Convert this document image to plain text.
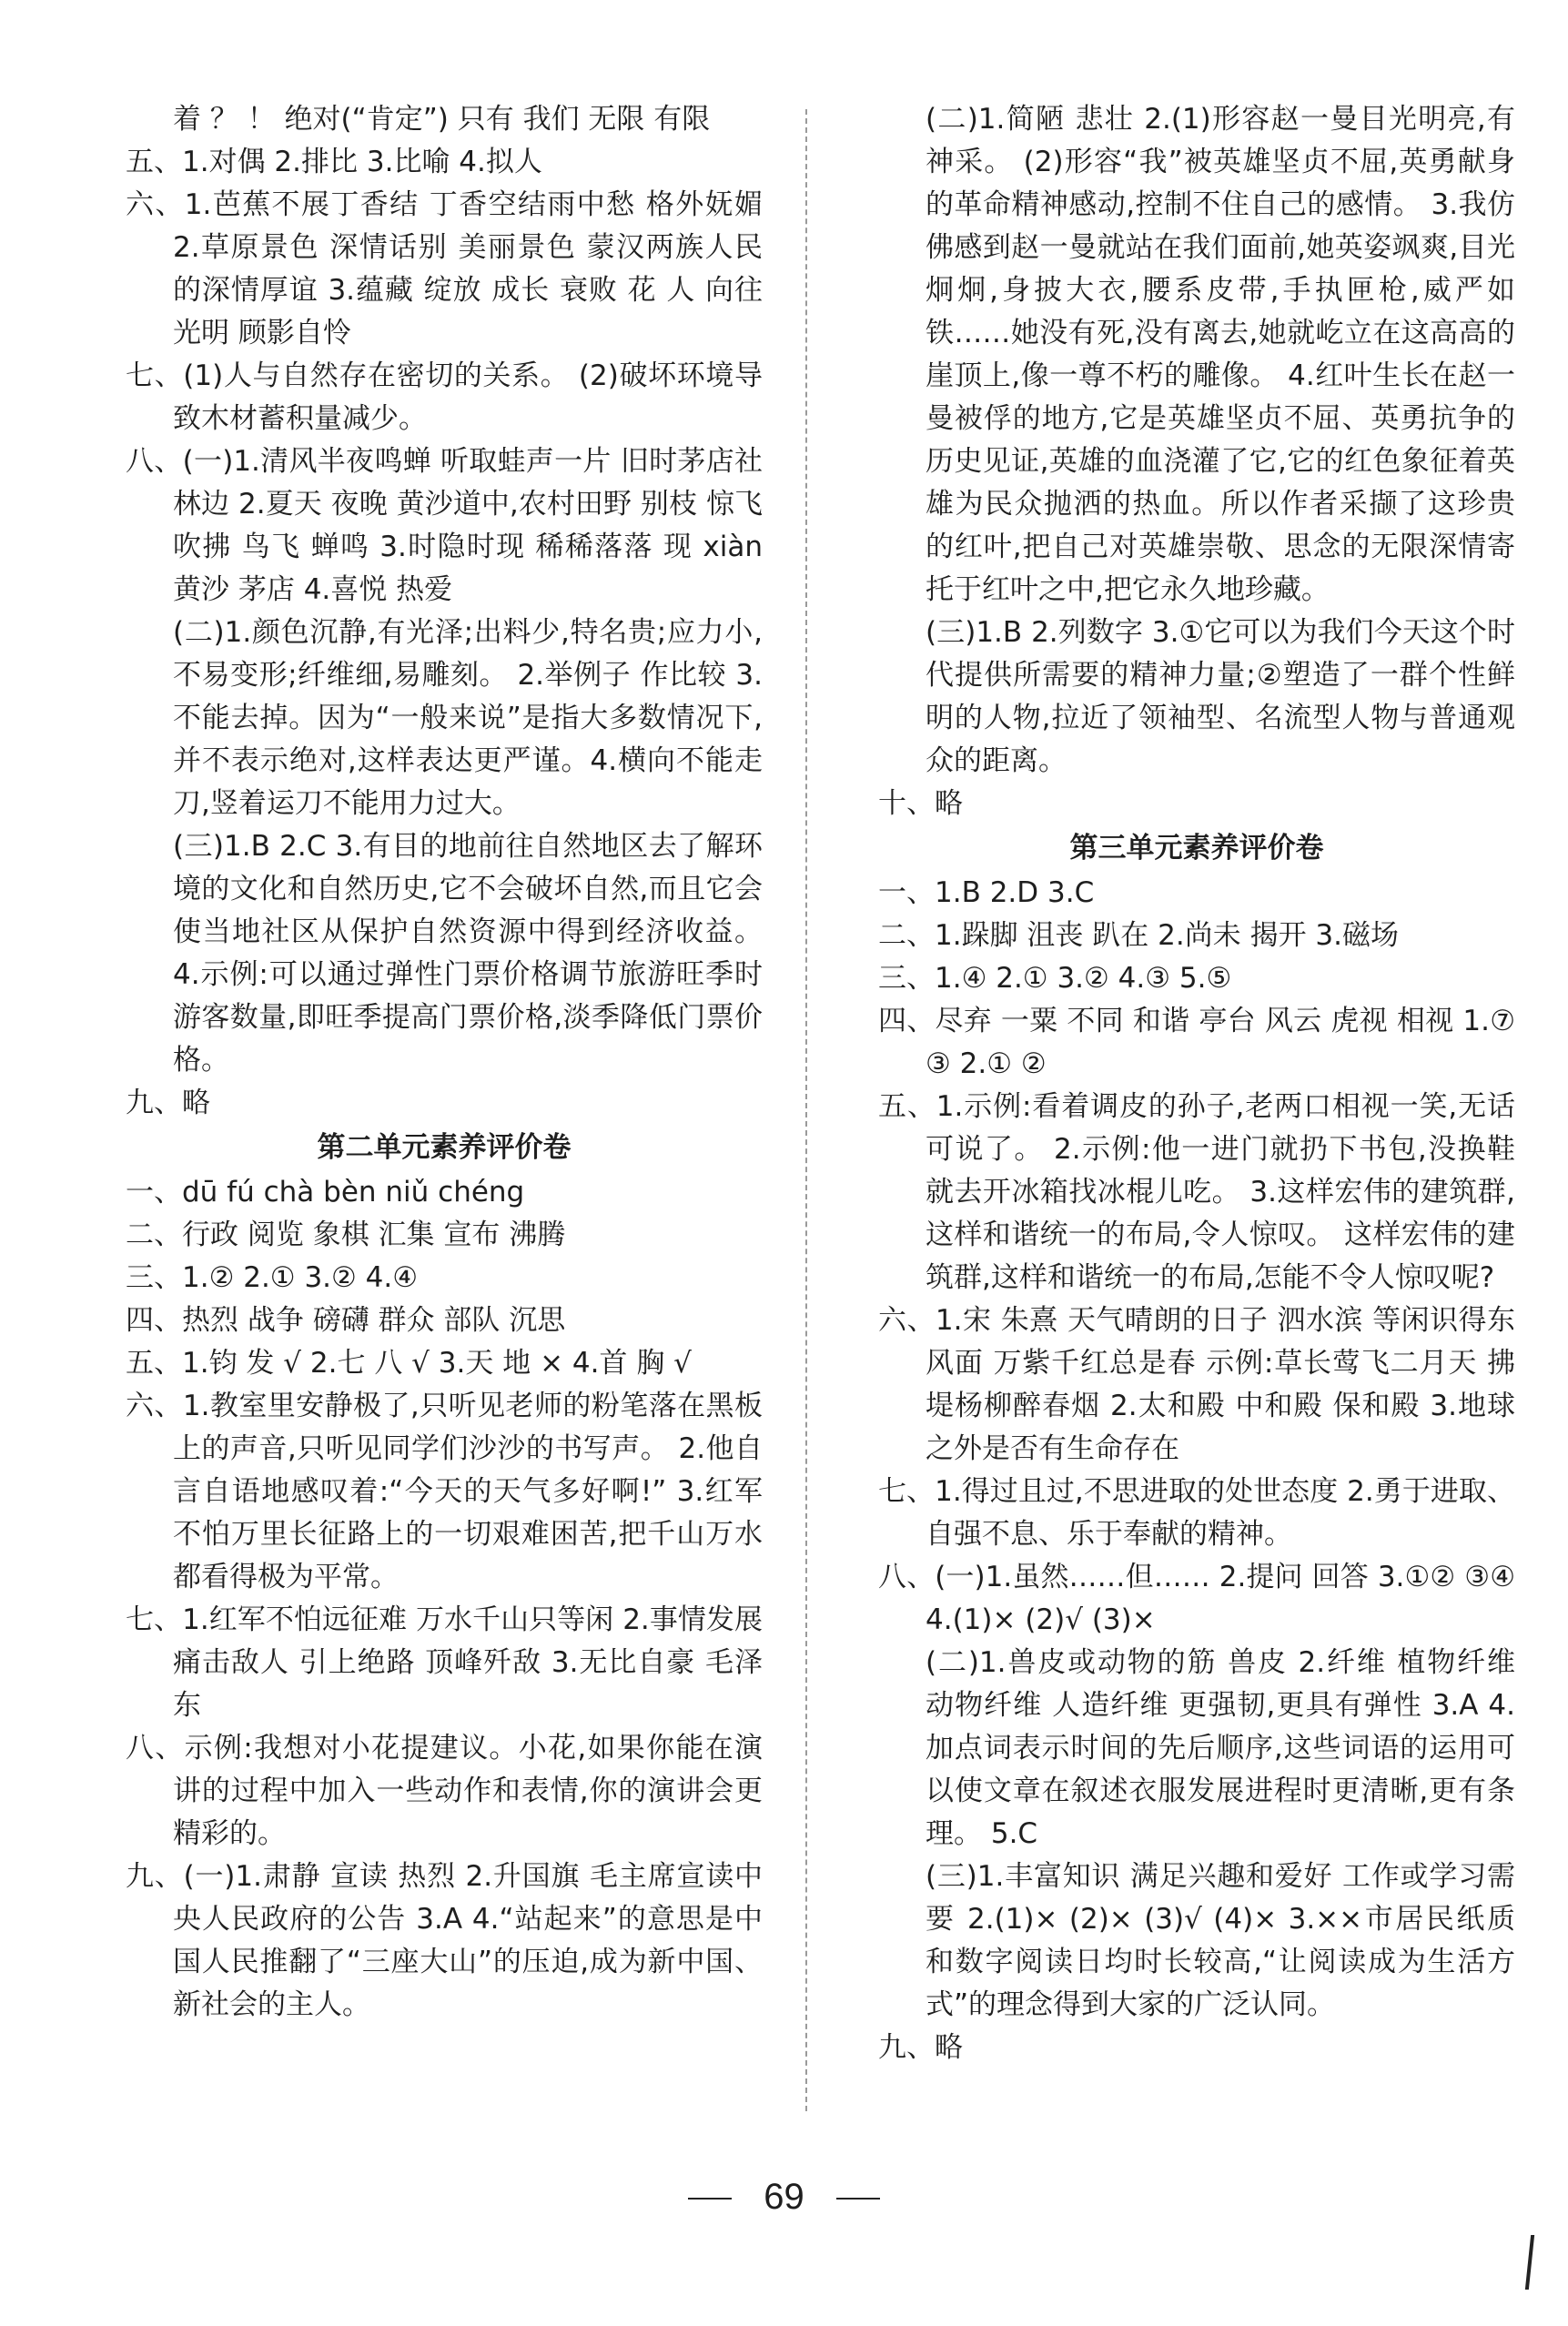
着 ？ ！ 绝对(“肯定”) 只有 我们 无限 有限

五、1.对偶 2.排比 3.比喻 4.拟人

六、1.芭蕉不展丁香结 丁香空结雨中愁 格外妩媚 2.草原景色 深情话别 美丽景色 蒙汉两族人民的深情厚谊 3.蕴藏 绽放 成长 衰败 花 人 向往光明 顾影自怜

七、(1)人与自然存在密切的关系。 (2)破坏环境导致木材蓄积量减少。

八、(一)1.清风半夜鸣蝉 听取蛙声一片 旧时茅店社林边 2.夏天 夜晚 黄沙道中,农村田野 别枝 惊飞 吹拂 鸟飞 蝉鸣 3.时隐时现 稀稀落落 现 xiàn 黄沙 茅店 4.喜悦 热爱

(二)1.颜色沉静,有光泽;出料少,特名贵;应力小,不易变形;纤维细,易雕刻。 2.举例子 作比较 3.不能去掉。因为“一般来说”是指大多数情况下,并不表示绝对,这样表达更严谨。4.横向不能走刀,竖着运刀不能用力过大。

(三)1.B 2.C 3.有目的地前往自然地区去了解环境的文化和自然历史,它不会破坏自然,而且它会使当地社区从保护自然资源中得到经济收益。 4.示例:可以通过弹性门票价格调节旅游旺季时游客数量,即旺季提高门票价格,淡季降低门票价格。

九、略

第二单元素养评价卷

一、dū fú chà bèn niǔ chéng

二、行政 阅览 象棋 汇集 宣布 沸腾

三、1.② 2.① 3.② 4.④

四、热烈 战争 磅礴 群众 部队 沉思

五、1.钧 发 √ 2.七 八 √ 3.天 地 × 4.首 胸 √

六、1.教室里安静极了,只听见老师的粉笔落在黑板上的声音,只听见同学们沙沙的书写声。 2.他自言自语地感叹着:“今天的天气多好啊!” 3.红军不怕万里长征路上的一切艰难困苦,把千山万水都看得极为平常。

七、1.红军不怕远征难 万水千山只等闲 2.事情发展 痛击敌人 引上绝路 顶峰歼敌 3.无比自豪 毛泽东

八、示例:我想对小花提建议。小花,如果你能在演讲的过程中加入一些动作和表情,你的演讲会更精彩的。

九、(一)1.肃静 宣读 热烈 2.升国旗 毛主席宣读中央人民政府的公告 3.A 4.“站起来”的意思是中国人民推翻了“三座大山”的压迫,成为新中国、新社会的主人。

(二)1.简陋 悲壮 2.(1)形容赵一曼目光明亮,有神采。 (2)形容“我”被英雄坚贞不屈,英勇献身的革命精神感动,控制不住自己的感情。 3.我仿佛感到赵一曼就站在我们面前,她英姿飒爽,目光炯炯,身披大衣,腰系皮带,手执匣枪,威严如铁……她没有死,没有离去,她就屹立在这高高的崖顶上,像一尊不朽的雕像。 4.红叶生长在赵一曼被俘的地方,它是英雄坚贞不屈、英勇抗争的历史见证,英雄的血浇灌了它,它的红色象征着英雄为民众抛洒的热血。所以作者采撷了这珍贵的红叶,把自己对英雄崇敬、思念的无限深情寄托于红叶之中,把它永久地珍藏。

(三)1.B 2.列数字 3.①它可以为我们今天这个时代提供所需要的精神力量;②塑造了一群个性鲜明的人物,拉近了领袖型、名流型人物与普通观众的距离。

十、略

第三单元素养评价卷

一、1.B 2.D 3.C

二、1.跺脚 沮丧 趴在 2.尚未 揭开 3.磁场

三、1.④ 2.① 3.② 4.③ 5.⑤

四、尽弃 一粟 不同 和谐 亭台 风云 虎视 相视 1.⑦ ③ 2.① ②

五、1.示例:看着调皮的孙子,老两口相视一笑,无话可说了。 2.示例:他一进门就扔下书包,没换鞋就去开冰箱找冰棍儿吃。 3.这样宏伟的建筑群,这样和谐统一的布局,令人惊叹。 这样宏伟的建筑群,这样和谐统一的布局,怎能不令人惊叹呢?

六、1.宋 朱熹 天气晴朗的日子 泗水滨 等闲识得东风面 万紫千红总是春 示例:草长莺飞二月天 拂堤杨柳醉春烟 2.太和殿 中和殿 保和殿 3.地球之外是否有生命存在

七、1.得过且过,不思进取的处世态度 2.勇于进取、自强不息、乐于奉献的精神。

八、(一)1.虽然……但…… 2.提问 回答 3.①② ③④ 4.(1)× (2)√ (3)×

(二)1.兽皮或动物的筋 兽皮 2.纤维 植物纤维 动物纤维 人造纤维 更强韧,更具有弹性 3.A 4.加点词表示时间的先后顺序,这些词语的运用可以使文章在叙述衣服发展进程时更清晰,更有条理。 5.C

(三)1.丰富知识 满足兴趣和爱好 工作或学习需要 2.(1)× (2)× (3)√ (4)× 3.××市居民纸质和数字阅读日均时长较高,“让阅读成为生活方式”的理念得到大家的广泛认同。

九、略

69
